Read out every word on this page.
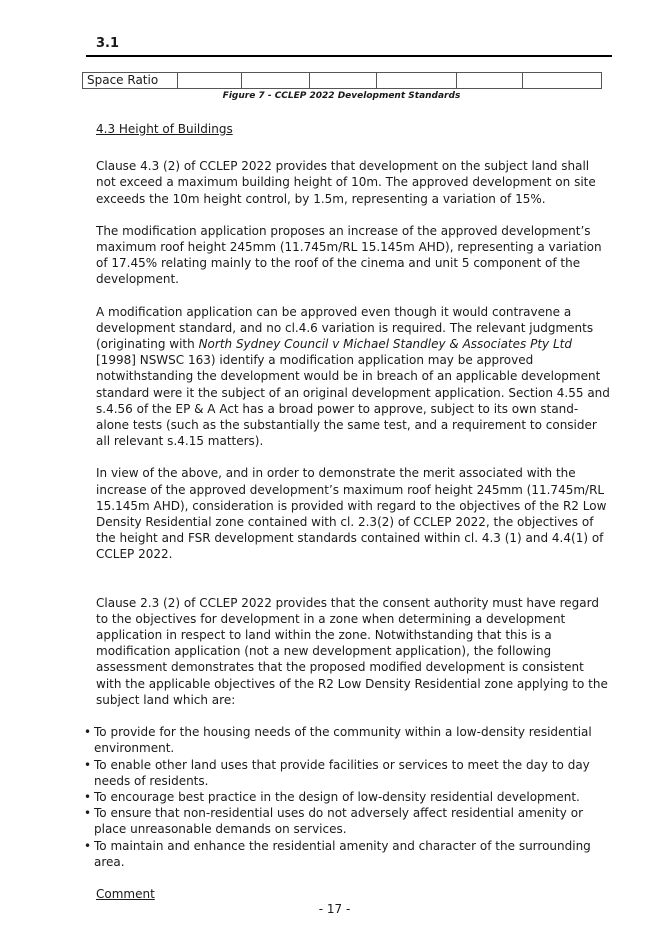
3.1
Space Ratio						
Figure 7 - CCLEP 2022 Development Standards

4.3 Height of Buildings

Clause 4.3 (2) of CCLEP 2022 provides that development on the subject land shall not exceed a maximum building height of 10m. The approved development on site exceeds the 10m height control, by 1.5m, representing a variation of 15%.

The modification application proposes an increase of the approved development’s maximum roof height 245mm (11.745m/RL 15.145m AHD), representing a variation of 17.45% relating mainly to the roof of the cinema and unit 5 component of the development.

A modification application can be approved even though it would contravene a development standard, and no cl.4.6 variation is required. The relevant judgments (originating with North Sydney Council v Michael Standley & Associates Pty Ltd [1998] NSWSC 163) identify a modification application may be approved notwithstanding the development would be in breach of an applicable development standard were it the subject of an original development application. Section 4.55 and s.4.56 of the EP & A Act has a broad power to approve, subject to its own stand-alone tests (such as the substantially the same test, and a requirement to consider all relevant s.4.15 matters).

In view of the above, and in order to demonstrate the merit associated with the increase of the approved development’s maximum roof height 245mm (11.745m/RL 15.145m AHD), consideration is provided with regard to the objectives of the R2 Low Density Residential zone contained with cl. 2.3(2) of CCLEP 2022, the objectives of the height and FSR development standards contained within cl. 4.3 (1) and 4.4(1) of CCLEP 2022.

Clause 2.3 (2) of CCLEP 2022 provides that the consent authority must have regard to the objectives for development in a zone when determining a development application in respect to land within the zone. Notwithstanding that this is a modification application (not a new development application), the following assessment demonstrates that the proposed modified development is consistent with the applicable objectives of the R2 Low Density Residential zone applying to the subject land which are:

• To provide for the housing needs of the community within a low-density residential environment.
• To enable other land uses that provide facilities or services to meet the day to day needs of residents.
• To encourage best practice in the design of low-density residential development.
• To ensure that non-residential uses do not adversely affect residential amenity or place unreasonable demands on services.
• To maintain and enhance the residential amenity and character of the surrounding area.

Comment

- 17 -
